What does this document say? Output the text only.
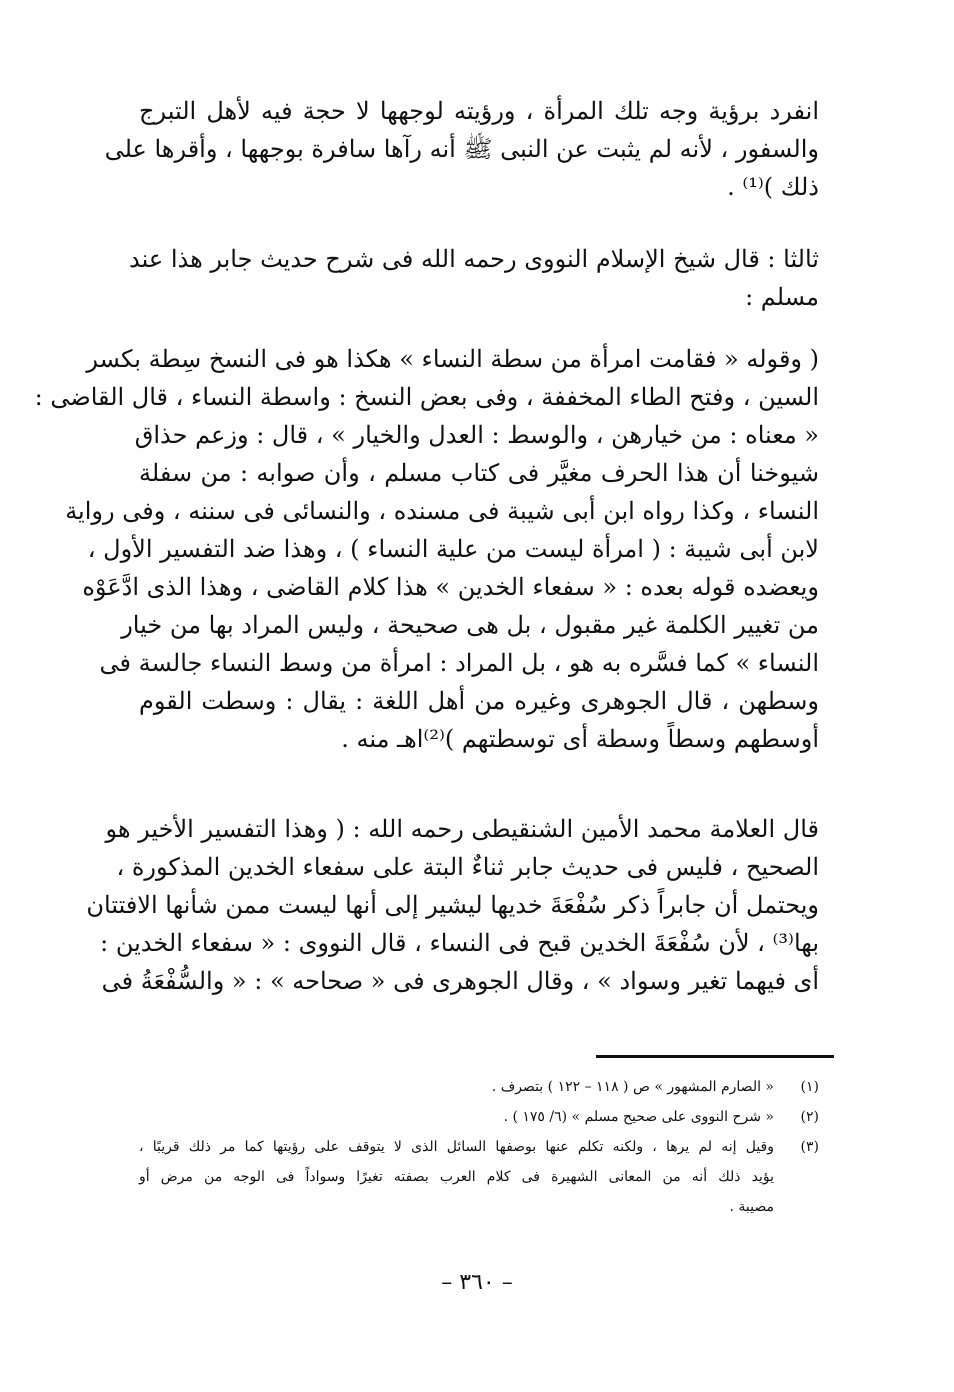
انفرد برؤية وجه تلك المرأة ، ورؤيته لوجهها لا حجة فيه لأهل التبرج
والسفور ، لأنه لم يثبت عن النبى ﷺ أنه رآها سافرة بوجهها ، وأقرها على
ذلك )⁽¹⁾ .
ثالثا : قال شيخ الإسلام النووى رحمه الله فى شرح حديث جابر هذا عند
مسلم :
( وقوله « فقامت امرأة من سطة النساء » هكذا هو فى النسخ سِطة بكسر
السين ، وفتح الطاء المخففة ، وفى بعض النسخ : واسطة النساء ، قال القاضى :
« معناه : من خيارهن ، والوسط : العدل والخيار » ، قال : وزعم حذاق
شيوخنا أن هذا الحرف مغيَّر فى كتاب مسلم ، وأن صوابه : من سفلة
النساء ، وكذا رواه ابن أبى شيبة فى مسنده ، والنسائى فى سننه ، وفى رواية
لابن أبى شيبة : ( امرأة ليست من علية النساء ) ، وهذا ضد التفسير الأول ،
ويعضده قوله بعده : « سفعاء الخدين » هذا كلام القاضى ، وهذا الذى ادَّعَوْه
من تغيير الكلمة غير مقبول ، بل هى صحيحة ، وليس المراد بها من خيار
النساء » كما فسَّره به هو ، بل المراد : امرأة من وسط النساء جالسة فى
وسطهن ، قال الجوهرى وغيره من أهل اللغة : يقال : وسطت القوم
أوسطهم وسطاً وسطة أى توسطتهم )⁽²⁾اهـ منه .
قال العلامة محمد الأمين الشنقيطى رحمه الله : ( وهذا التفسير الأخير هو
الصحيح ، فليس فى حديث جابر ثناءٌ البتة على سفعاء الخدين المذكورة ،
ويحتمل أن جابراً ذكر سُفْعَةَ خديها ليشير إلى أنها ليست ممن شأنها الافتتان
بها⁽³⁾ ، لأن سُفْعَةَ الخدين قبح فى النساء ، قال النووى : « سفعاء الخدين :
أى فيهما تغير وسواد » ، وقال الجوهرى فى « صحاحه » : « والسُّفْعَةُ فى
(١)
« الصارم المشهور » ص ( ١١٨ – ١٢٢ ) بتصرف .
(٢)
« شرح النووى على صحيح مسلم » (٦/ ١٧٥ ) .
(٣)
وقيل إنه لم يرها ، ولكنه تكلم عنها بوصفها السائل الذى لا يتوقف على رؤيتها كما مر ذلك قريبًا ،
يؤيد ذلك أنه من المعانى الشهيرة فى كلام العرب بصفته تغيرًا وسواداً فى الوجه من مرض أو
مصيبة .
– ٣٦٠ –
